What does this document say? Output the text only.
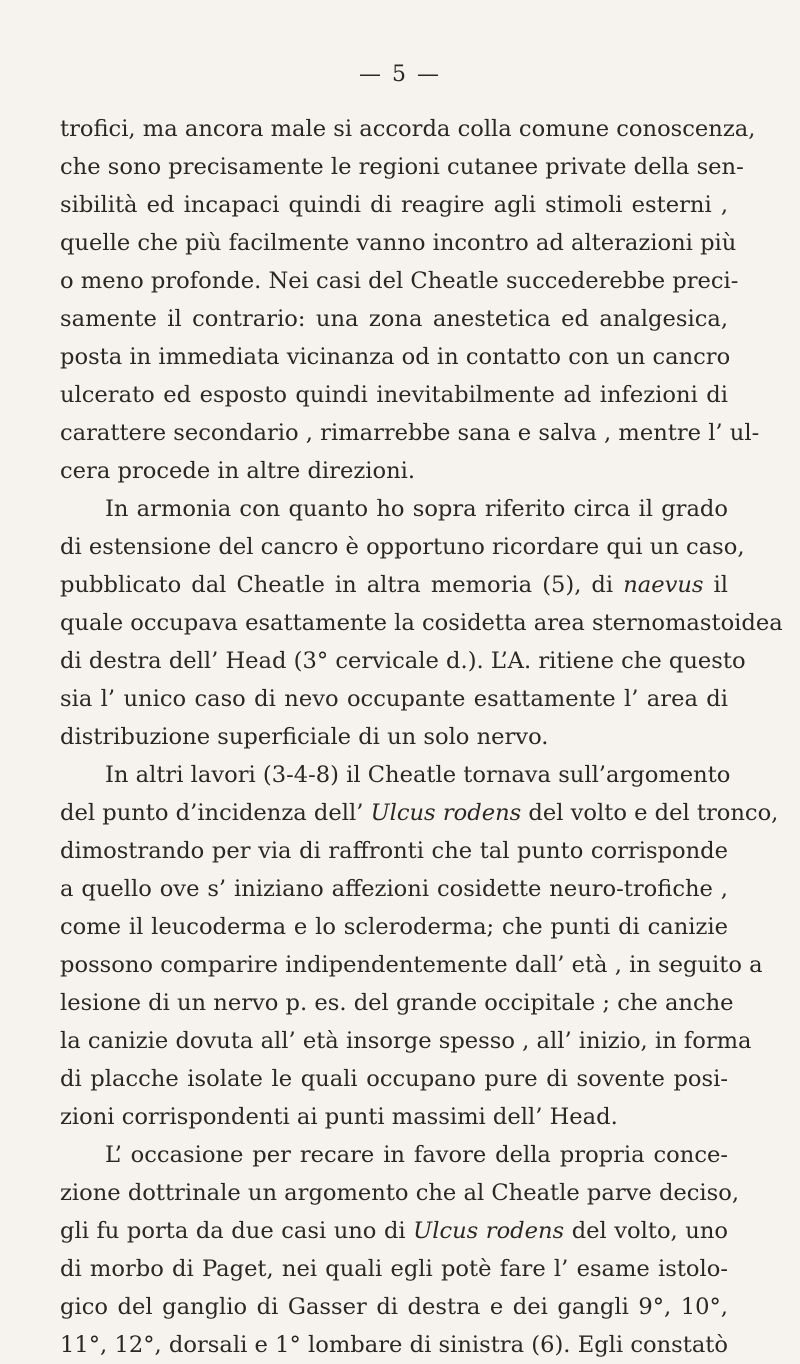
— 5 —
trofici, ma ancora male si accorda colla comune conoscenza,
che sono precisamente le regioni cutanee private della sen-
sibilità ed incapaci quindi di reagire agli stimoli esterni ,
quelle che più facilmente vanno incontro ad alterazioni più
o meno profonde. Nei casi del Cheatle succederebbe preci-
samente il contrario: una zona anestetica ed analgesica,
posta in immediata vicinanza od in contatto con un cancro
ulcerato ed esposto quindi inevitabilmente ad infezioni di
carattere secondario , rimarrebbe sana e salva , mentre l’ ul-
cera procede in altre direzioni.
In armonia con quanto ho sopra riferito circa il grado
di estensione del cancro è opportuno ricordare qui un caso,
pubblicato dal Cheatle in altra memoria (5), di naevus il
quale occupava esattamente la cosidetta area sternomastoidea
di destra dell’ Head (3° cervicale d.). L’A. ritiene che questo
sia l’ unico caso di nevo occupante esattamente l’ area di
distribuzione superficiale di un solo nervo.
In altri lavori (3-4-8) il Cheatle tornava sull’argomento
del punto d’incidenza dell’ Ulcus rodens del volto e del tronco,
dimostrando per via di raffronti che tal punto corrisponde
a quello ove s’ iniziano affezioni cosidette neuro-trofiche ,
come il leucoderma e lo scleroderma; che punti di canizie
possono comparire indipendentemente dall’ età , in seguito a
lesione di un nervo p. es. del grande occipitale ; che anche
la canizie dovuta all’ età insorge spesso , all’ inizio, in forma
di placche isolate le quali occupano pure di sovente posi-
zioni corrispondenti ai punti massimi dell’ Head.
L’ occasione per recare in favore della propria conce-
zione dottrinale un argomento che al Cheatle parve deciso,
gli fu porta da due casi uno di Ulcus rodens del volto, uno
di morbo di Paget, nei quali egli potè fare l’ esame istolo-
gico del ganglio di Gasser di destra e dei gangli 9°, 10°,
11°, 12°, dorsali e 1° lombare di sinistra (6). Egli constatò
